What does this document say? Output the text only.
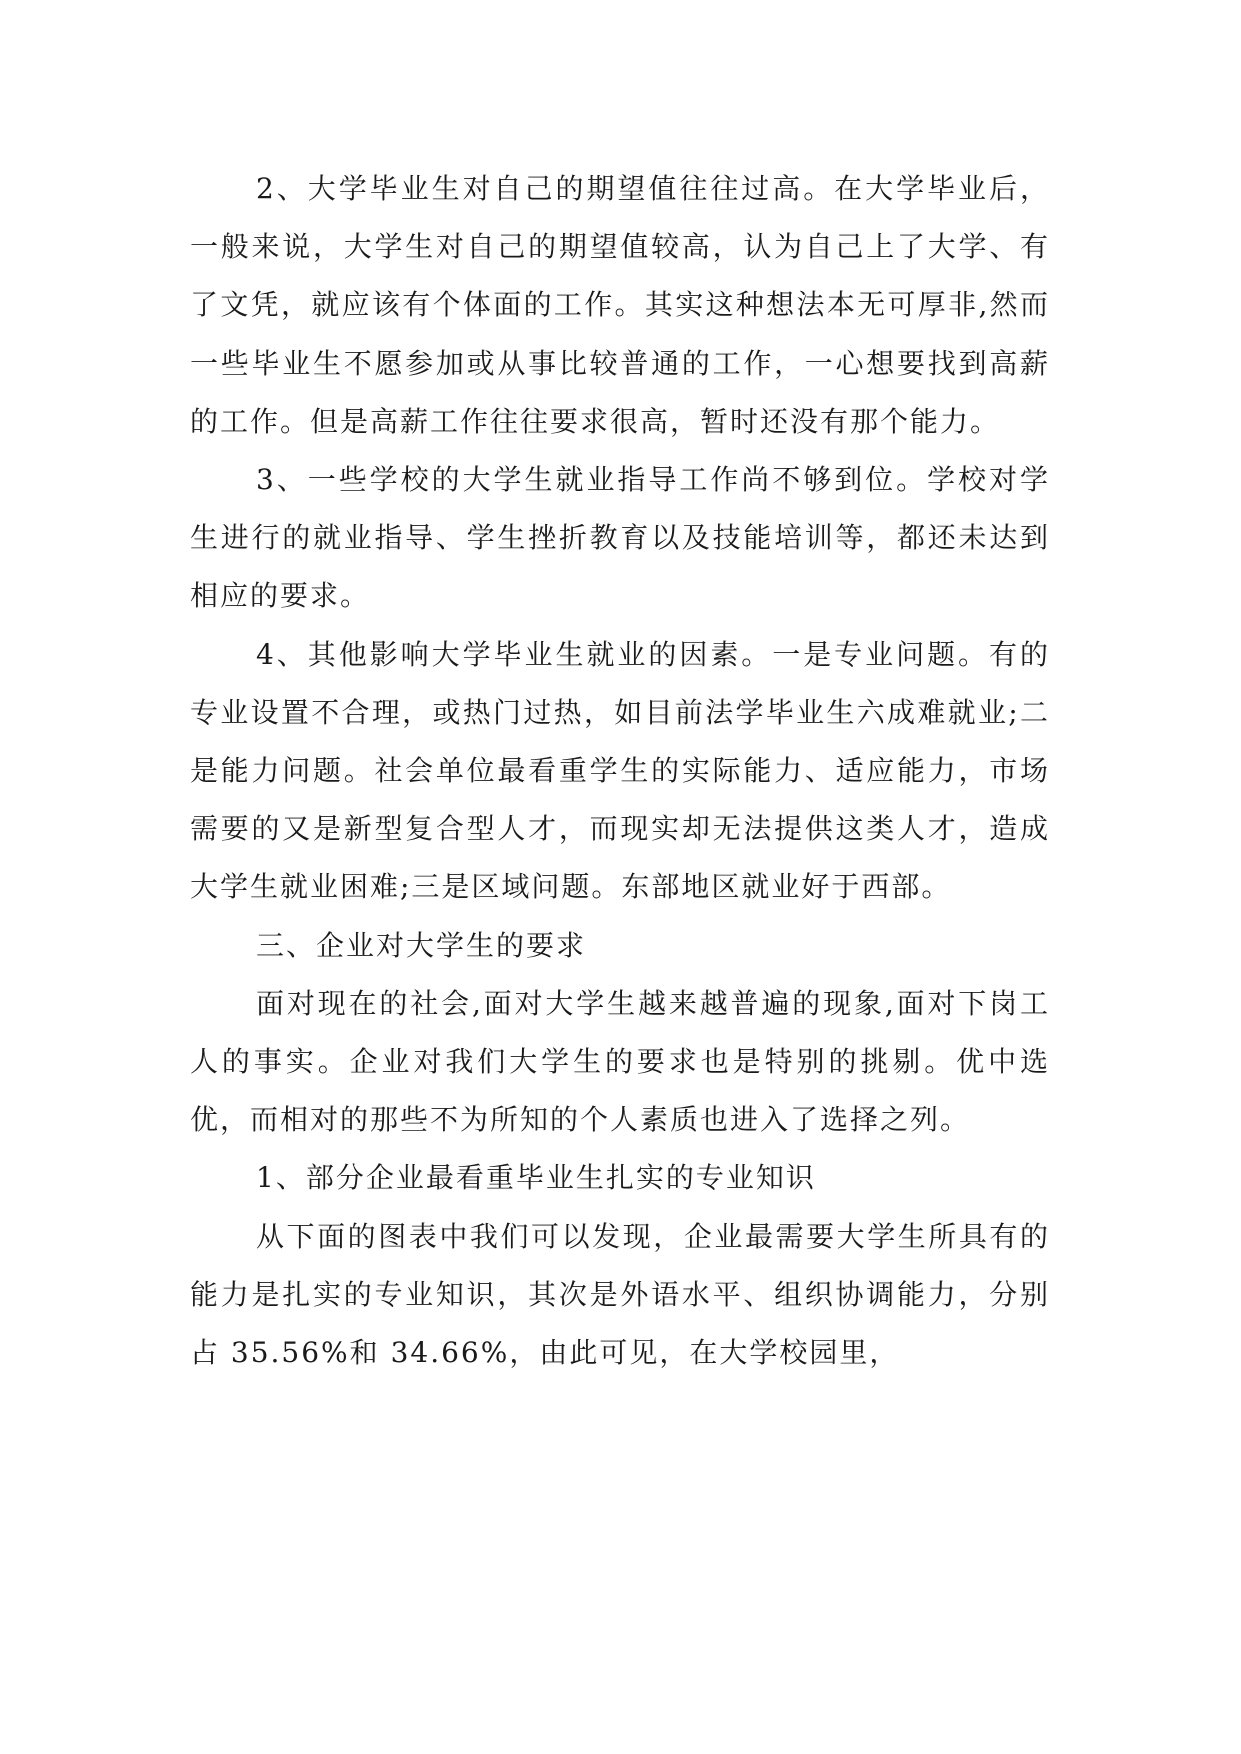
2、大学毕业生对自己的期望值往往过高。在大学毕业后，一般来说，大学生对自己的期望值较高，认为自己上了大学、有了文凭，就应该有个体面的工作。其实这种想法本无可厚非,然而一些毕业生不愿参加或从事比较普通的工作，一心想要找到高薪的工作。但是高薪工作往往要求很高，暂时还没有那个能力。

3、一些学校的大学生就业指导工作尚不够到位。学校对学生进行的就业指导、学生挫折教育以及技能培训等，都还未达到相应的要求。

4、其他影响大学毕业生就业的因素。一是专业问题。有的专业设置不合理，或热门过热，如目前法学毕业生六成难就业;二是能力问题。社会单位最看重学生的实际能力、适应能力，市场需要的又是新型复合型人才，而现实却无法提供这类人才，造成大学生就业困难;三是区域问题。东部地区就业好于西部。

三、企业对大学生的要求

面对现在的社会,面对大学生越来越普遍的现象,面对下岗工人的事实。企业对我们大学生的要求也是特别的挑剔。优中选优，而相对的那些不为所知的个人素质也进入了选择之列。

1、部分企业最看重毕业生扎实的专业知识

从下面的图表中我们可以发现，企业最需要大学生所具有的能力是扎实的专业知识，其次是外语水平、组织协调能力，分别占 35.56%和 34.66%，由此可见，在大学校园里，
